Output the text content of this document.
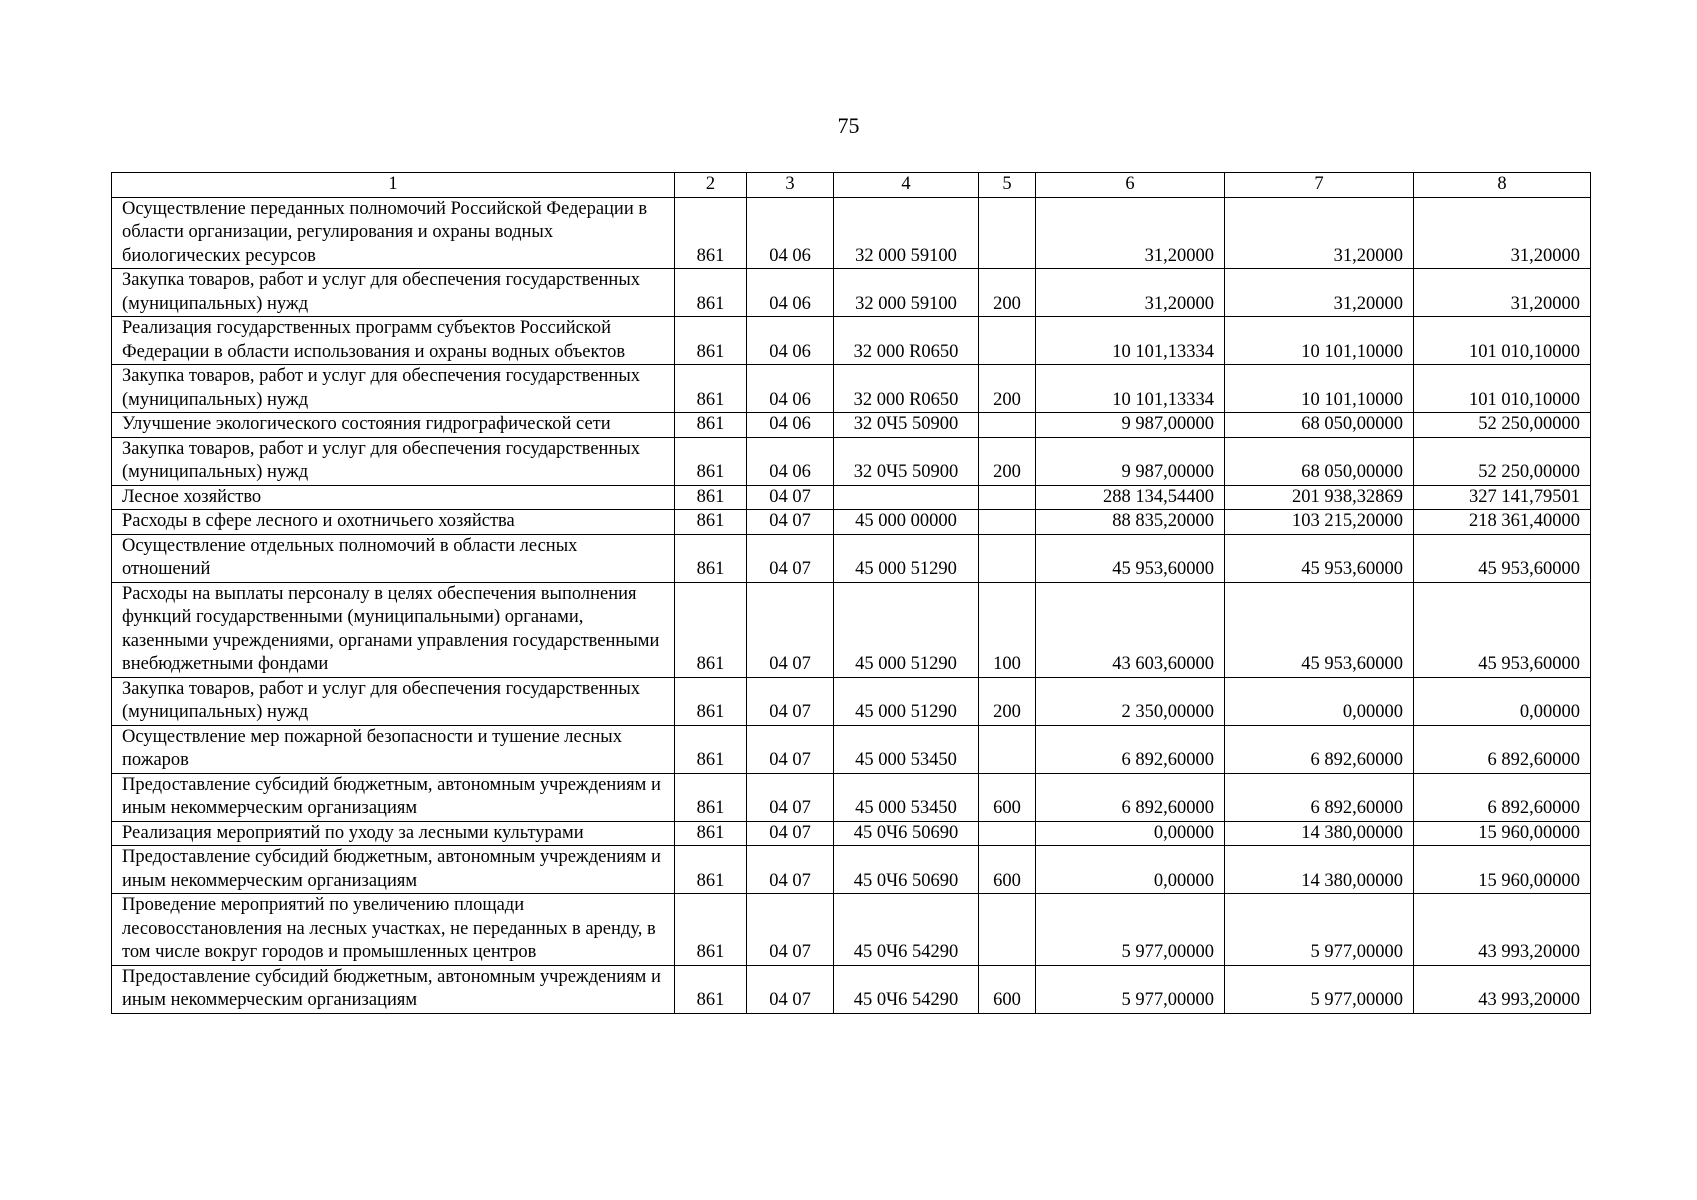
75
1	2	3	4	5	6	7	8
Осуществление переданных полномочий Российской Федерации в области организации, регулирования и охраны водных биологических ресурсов	861	04 06	32 000 59100		31,20000	31,20000	31,20000
Закупка товаров, работ и услуг для обеспечения государственных (муниципальных) нужд	861	04 06	32 000 59100	200	31,20000	31,20000	31,20000
Реализация государственных программ субъектов Российской Федерации в области использования и охраны водных объектов	861	04 06	32 000 R0650		10 101,13334	10 101,10000	101 010,10000
Закупка товаров, работ и услуг для обеспечения государственных (муниципальных) нужд	861	04 06	32 000 R0650	200	10 101,13334	10 101,10000	101 010,10000
Улучшение экологического состояния гидрографической сети	861	04 06	32 0Ч5 50900		9 987,00000	68 050,00000	52 250,00000
Закупка товаров, работ и услуг для обеспечения государственных (муниципальных) нужд	861	04 06	32 0Ч5 50900	200	9 987,00000	68 050,00000	52 250,00000
Лесное хозяйство	861	04 07			288 134,54400	201 938,32869	327 141,79501
Расходы в сфере лесного и охотничьего хозяйства	861	04 07	45 000 00000		88 835,20000	103 215,20000	218 361,40000
Осуществление отдельных полномочий в области лесных отношений	861	04 07	45 000 51290		45 953,60000	45 953,60000	45 953,60000
Расходы на выплаты персоналу в целях обеспечения выполнения функций государственными (муниципальными) органами, казенными учреждениями, органами управления государственными внебюджетными фондами	861	04 07	45 000 51290	100	43 603,60000	45 953,60000	45 953,60000
Закупка товаров, работ и услуг для обеспечения государственных (муниципальных) нужд	861	04 07	45 000 51290	200	2 350,00000	0,00000	0,00000
Осуществление мер пожарной безопасности и тушение лесных пожаров	861	04 07	45 000 53450		6 892,60000	6 892,60000	6 892,60000
Предоставление субсидий бюджетным, автономным учреждениям и иным некоммерческим организациям	861	04 07	45 000 53450	600	6 892,60000	6 892,60000	6 892,60000
Реализация мероприятий по уходу за лесными культурами	861	04 07	45 0Ч6 50690		0,00000	14 380,00000	15 960,00000
Предоставление субсидий бюджетным, автономным учреждениям и иным некоммерческим организациям	861	04 07	45 0Ч6 50690	600	0,00000	14 380,00000	15 960,00000
Проведение мероприятий по увеличению площади лесовосстановления на лесных участках, не переданных в аренду, в том числе вокруг городов и промышленных центров	861	04 07	45 0Ч6 54290		5 977,00000	5 977,00000	43 993,20000
Предоставление субсидий бюджетным, автономным учреждениям и иным некоммерческим организациям	861	04 07	45 0Ч6 54290	600	5 977,00000	5 977,00000	43 993,20000
